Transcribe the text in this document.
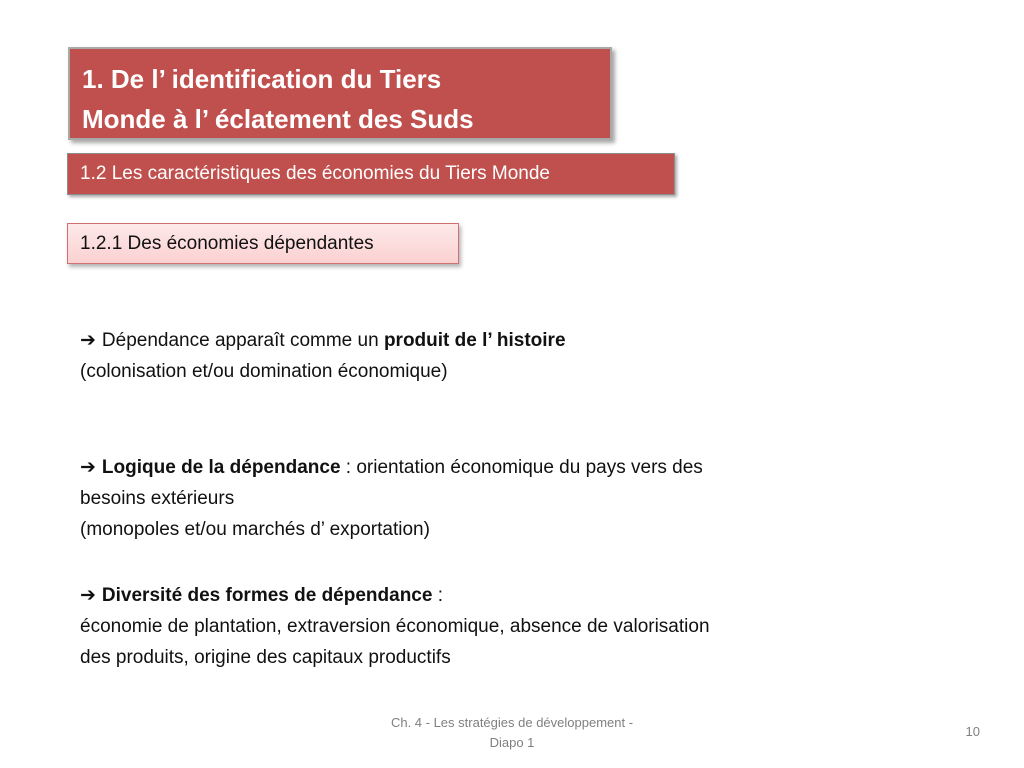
1. De l’ identification du Tiers
Monde à l’ éclatement des Suds
1.2 Les caractéristiques des économies du Tiers Monde
1.2.1 Des économies dépendantes
➔ Dépendance apparaît comme un produit de l’ histoire
(colonisation et/ou domination économique)
➔ Logique de la dépendance : orientation économique du pays vers des
besoins extérieurs
(monopoles et/ou marchés d’ exportation)
➔ Diversité des formes de dépendance :
économie de plantation, extraversion économique, absence de valorisation
des produits, origine des capitaux productifs
Ch. 4 - Les stratégies de développement -
Diapo 1
10
